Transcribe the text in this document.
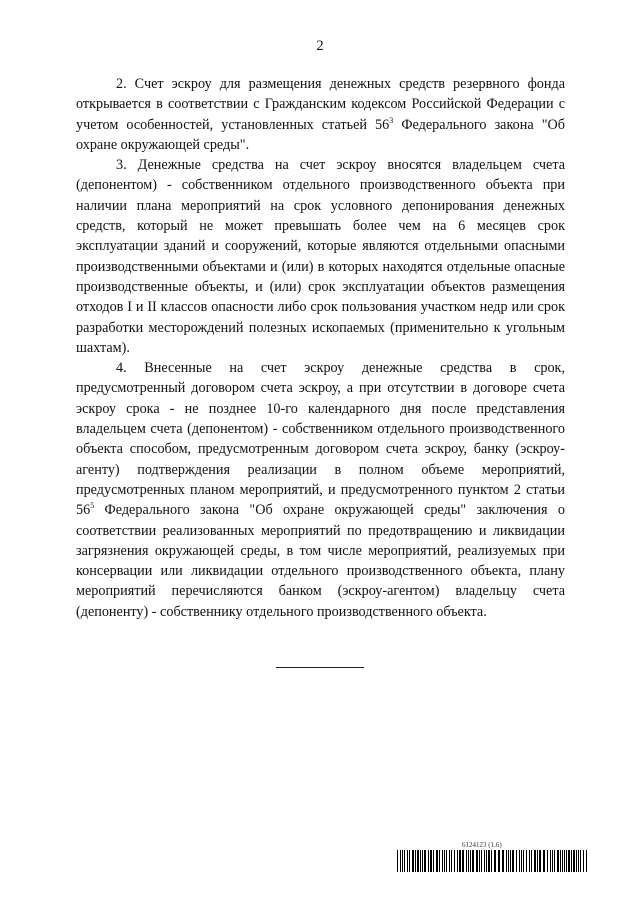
2

2. Счет эскроу для размещения денежных средств резервного фонда открывается в соответствии с Гражданским кодексом Российской Федерации с учетом особенностей, установленных статьей $56^3$ Федерального закона "Об охране окружающей среды".

3. Денежные средства на счет эскроу вносятся владельцем счета (депонентом) - собственником отдельного производственного объекта при наличии плана мероприятий на срок условного депонирования денежных средств, который не может превышать более чем на 6 месяцев срок эксплуатации зданий и сооружений, которые являются отдельными опасными производственными объектами и (или) в которых находятся отдельные опасные производственные объекты, и (или) срок эксплуатации объектов размещения отходов I и II классов опасности либо срок пользования участком недр или срок разработки месторождений полезных ископаемых (применительно к угольным шахтам).

4. Внесенные на счет эскроу денежные средства в срок, предусмотренный договором счета эскроу, а при отсутствии в договоре счета эскроу срока - не позднее 10-го календарного дня после представления владельцем счета (депонентом) - собственником отдельного производственного объекта способом, предусмотренным договором счета эскроу, банку (эскроу-агенту) подтверждения реализации в полном объеме мероприятий, предусмотренных планом мероприятий, и предусмотренного пунктом 2 статьи $56^5$ Федерального закона "Об охране окружающей среды" заключения о соответствии реализованных мероприятий по предотвращению и ликвидации загрязнения окружающей среды, в том числе мероприятий, реализуемых при консервации или ликвидации отдельного производственного объекта, плану мероприятий перечисляются банком (эскроу-агентом) владельцу счета (депоненту) - собственнику отдельного производственного объекта.

6124123 (1.6)
